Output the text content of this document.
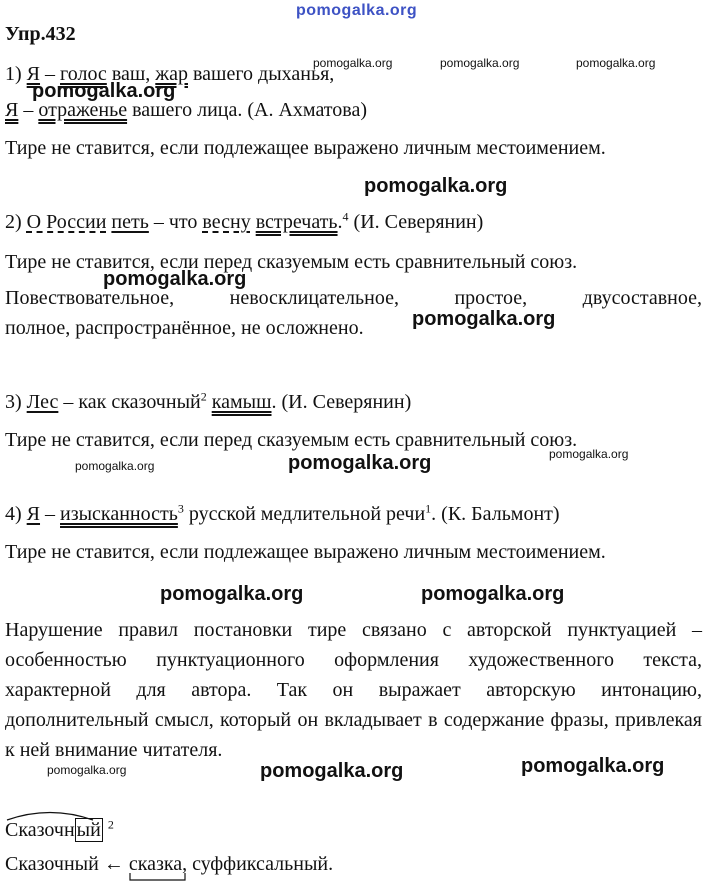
pomogalka.org
Упр.432
1) Я – голос ваш, жар вашего дыханья,
Я – отраженье вашего лица. (А. Ахматова)
Тире не ставится, если подлежащее выражено личным местоимением.
2) О России петь – что весну встречать.$^4$ (И. Северянин)
Тире не ставится, если перед сказуемым есть сравнительный союз.
Повествовательное, невосклицательное, простое, двусоставное,
полное, распространённое, не осложнено.
3) Лес – как сказочный$^2$ камыш. (И. Северянин)
Тире не ставится, если перед сказуемым есть сравнительный союз.
4) Я – изысканность$^3$ русской медлительной речи$^1$. (К. Бальмонт)
Тире не ставится, если подлежащее выражено личным местоимением.
Нарушение правил постановки тире связано с авторской пунктуацией – особенностью пунктуационного оформления художественного текста, характерной для автора. Так он выражает авторскую интонацию, дополнительный смысл, который он вкладывает в содержание фразы, привлекая к ней внимание читателя.
Сказочн ый $^2$
Сказочный ← сказка, суффиксальный.
pomogalka.org	pomogalka.org	pomogalka.org
pomogalka.org
pomogalka.org
pomogalka.org
pomogalka.org
pomogalka.org	pomogalka.org	pomogalka.org
pomogalka.org	pomogalka.org
pomogalka.org	pomogalka.org	pomogalka.org
